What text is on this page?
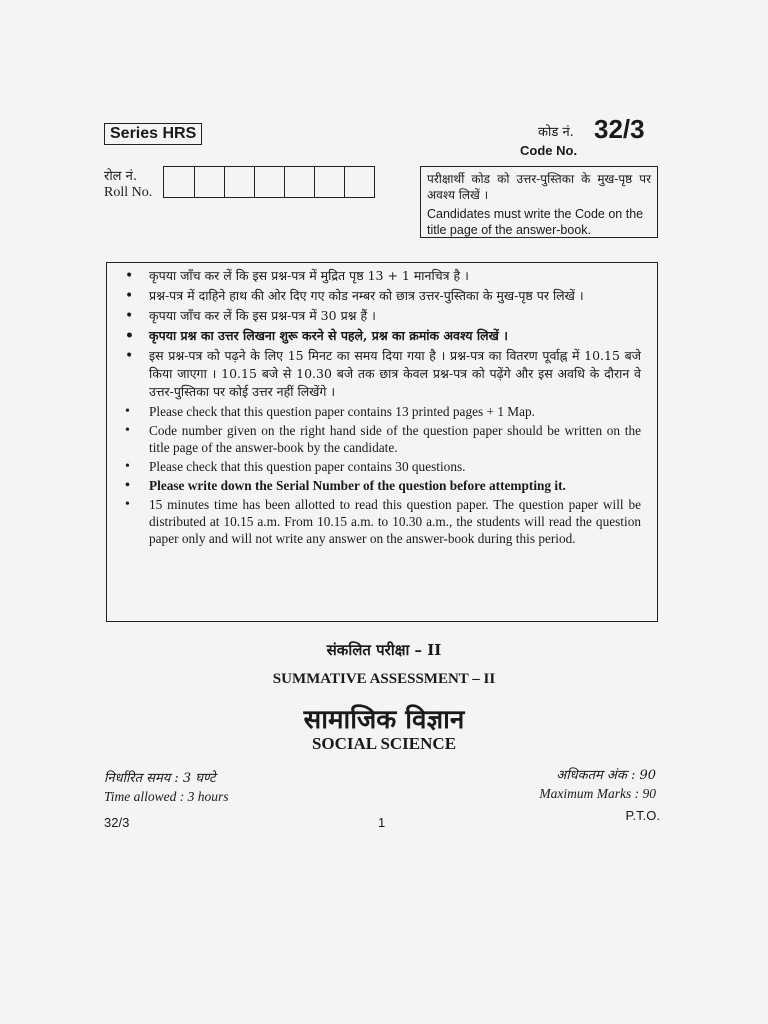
Series HRS	कोड नं. 32/3
Code No.
रोल नं.
Roll No.
परीक्षार्थी कोड को उत्तर-पुस्तिका के मुख-पृष्ठ पर अवश्य लिखें ।
Candidates must write the Code on the title page of the answer-book.
• कृपया जाँच कर लें कि इस प्रश्न-पत्र में मुद्रित पृष्ठ 13 + 1 मानचित्र है ।
• प्रश्न-पत्र में दाहिने हाथ की ओर दिए गए कोड नम्बर को छात्र उत्तर-पुस्तिका के मुख-पृष्ठ पर लिखें ।
• कृपया जाँच कर लें कि इस प्रश्न-पत्र में 30 प्रश्न हैं ।
• कृपया प्रश्न का उत्तर लिखना शुरू करने से पहले, प्रश्न का क्रमांक अवश्य लिखें ।
• इस प्रश्न-पत्र को पढ़ने के लिए 15 मिनट का समय दिया गया है । प्रश्न-पत्र का वितरण पूर्वाह्न में 10.15 बजे किया जाएगा । 10.15 बजे से 10.30 बजे तक छात्र केवल प्रश्न-पत्र को पढ़ेंगे और इस अवधि के दौरान वे उत्तर-पुस्तिका पर कोई उत्तर नहीं लिखेंगे ।
• Please check that this question paper contains 13 printed pages + 1 Map.
• Code number given on the right hand side of the question paper should be written on the title page of the answer-book by the candidate.
• Please check that this question paper contains 30 questions.
• Please write down the Serial Number of the question before attempting it.
• 15 minutes time has been allotted to read this question paper. The question paper will be distributed at 10.15 a.m. From 10.15 a.m. to 10.30 a.m., the students will read the question paper only and will not write any answer on the answer-book during this period.
संकलित परीक्षा – II
SUMMATIVE ASSESSMENT – II
सामाजिक विज्ञान
SOCIAL SCIENCE
निर्धारित समय : 3 घण्टे
Time allowed : 3 hours
अधिकतम अंक : 90
Maximum Marks : 90
32/3	1	P.T.O.
